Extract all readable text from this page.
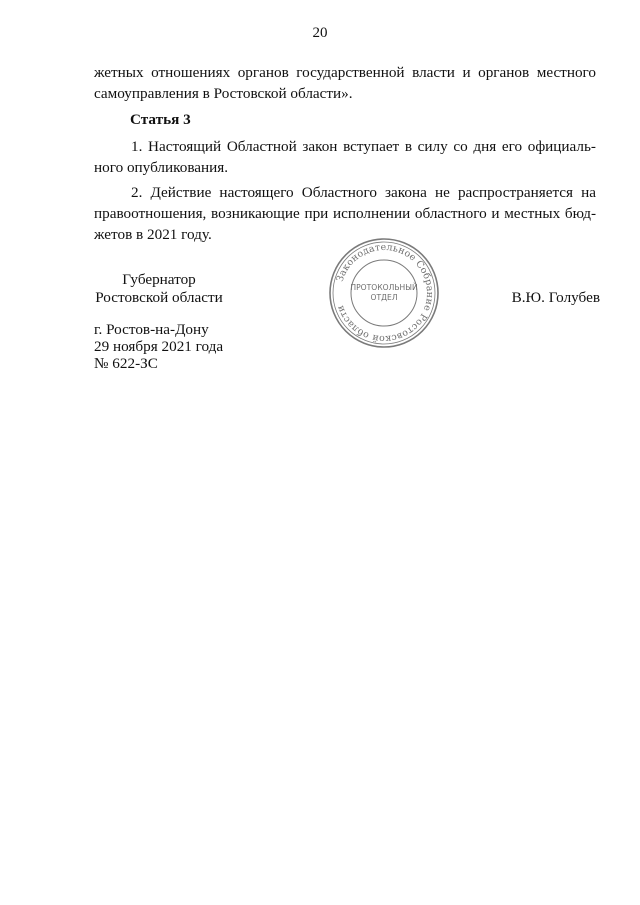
20

жетных отношениях органов государственной власти и органов местного

самоуправления в Ростовской области».

Статья 3

1. Настоящий Областной закон вступает в силу со дня его официаль-

ного опубликования.

2. Действие настоящего Областного закона не распространяется на

правоотношения, возникающие при исполнении областного и местных бюд-

жетов в 2021 году.

Губернатор
Ростовской области	В.Ю. Голубев
Законодательное Собрание Ростовской области
ПРОТОКОЛЬНЫЙ
ОТДЕЛ
г. Ростов-на-Дону
29 ноября 2021 года
№ 622-ЗС
